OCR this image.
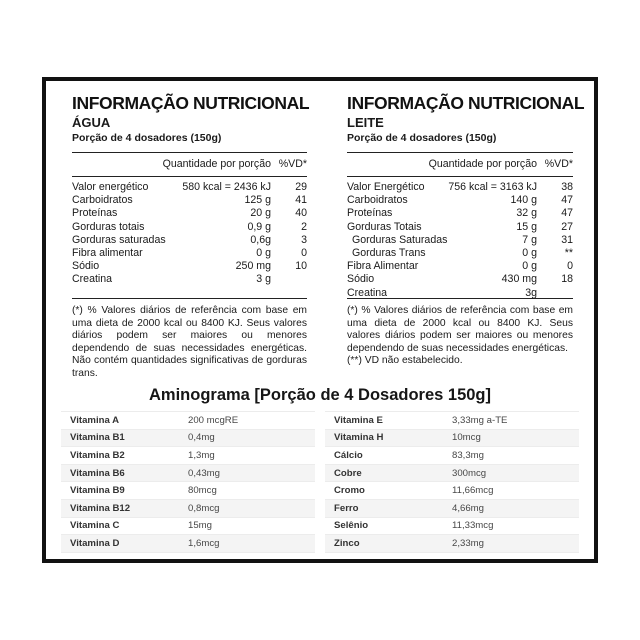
INFORMAÇÃO NUTRICIONAL
ÁGUA
Porção de 4 dosadores (150g)
Quantidade por porção %VD*
Valor energético	580 kcal = 2436 kJ	29
Carboidratos	125 g	41
Proteínas	20 g	40
Gorduras totais	0,9 g	2
Gorduras saturadas	0,6g	3
Fibra alimentar	0 g	0
Sódio	250 mg	10
Creatina	3 g

(*) % Valores diários de referência com base em uma dieta de 2000 kcal ou 8400 KJ. Seus valores diários podem ser maiores ou menores dependendo de suas necessidades energéticas. Não contém quantidades significativas de gorduras trans.

INFORMAÇÃO NUTRICIONAL
LEITE
Porção de 4 dosadores (150g)
Quantidade por porção %VD*
Valor Energético	756 kcal = 3163 kJ	38
Carboidratos	140 g	47
Proteínas	32 g	47
Gorduras Totais	15 g	27
Gorduras Saturadas	7 g	31
Gorduras Trans	0 g	**
Fibra Alimentar	0 g	0
Sódio	430 mg	18
Creatina	3g

(*) % Valores diários de referência com base em uma dieta de 2000 kcal ou 8400 KJ. Seus valores diários podem ser maiores ou menores dependendo de suas necessidades energéticas.

(**) VD não estabelecido.

Aminograma [Porção de 4 Dosadores 150g]
Vitamina A	200 mcgRE
Vitamina B1	0,4mg
Vitamina B2	1,3mg
Vitamina B6	0,43mg
Vitamina B9	80mcg
Vitamina B12	0,8mcg
Vitamina C	15mg
Vitamina D	1,6mcg
Vitamina E	3,33mg a-TE
Vitamina H	10mcg
Cálcio	83,3mg
Cobre	300mcg
Cromo	11,66mcg
Ferro	4,66mg
Selênio	11,33mcg
Zinco	2,33mg
